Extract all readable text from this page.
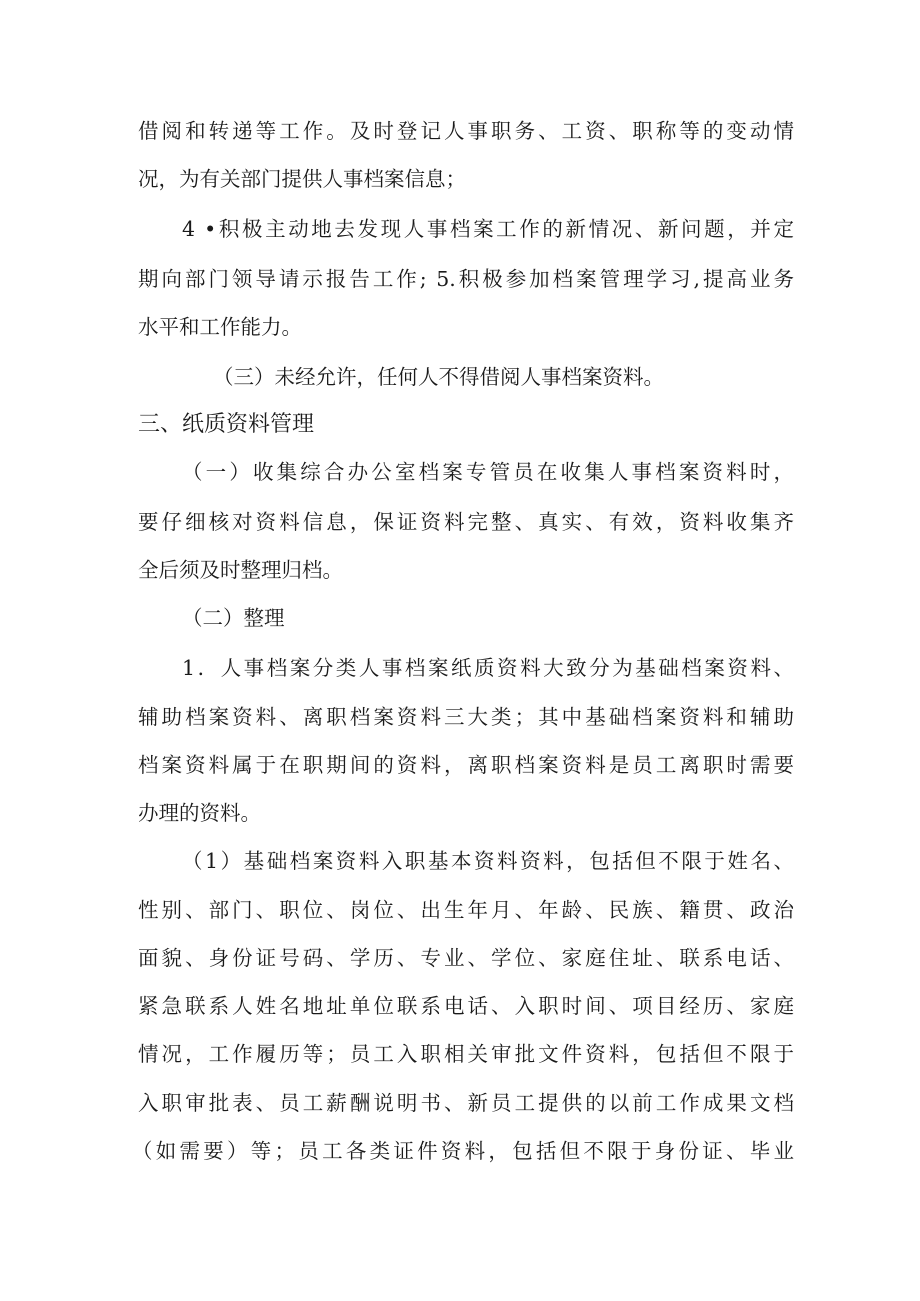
借阅和转递等工作。及时登记人事职务、工资、职称等的变动情
况，为有关部门提供人事档案信息；
4 •积极主动地去发现人事档案工作的新情况、新问题，并定
期向部门领导请示报告工作; 5.积极参加档案管理学习,提高业务
水平和工作能力。
（三）未经允许，任何人不得借阅人事档案资料。
三、纸质资料管理
（一）收集综合办公室档案专管员在收集人事档案资料时，
要仔细核对资料信息，保证资料完整、真实、有效，资料收集齐
全后须及时整理归档。
（二）整理
1．人事档案分类人事档案纸质资料大致分为基础档案资料、
辅助档案资料、离职档案资料三大类；其中基础档案资料和辅助
档案资料属于在职期间的资料，离职档案资料是员工离职时需要
办理的资料。
（1）基础档案资料入职基本资料资料，包括但不限于姓名、
性别、部门、职位、岗位、出生年月、年龄、民族、籍贯、政治
面貌、身份证号码、学历、专业、学位、家庭住址、联系电话、
紧急联系人姓名地址单位联系电话、入职时间、项目经历、家庭
情况，工作履历等；员工入职相关审批文件资料，包括但不限于
入职审批表、员工薪酬说明书、新员工提供的以前工作成果文档
（如需要）等；员工各类证件资料，包括但不限于身份证、毕业
